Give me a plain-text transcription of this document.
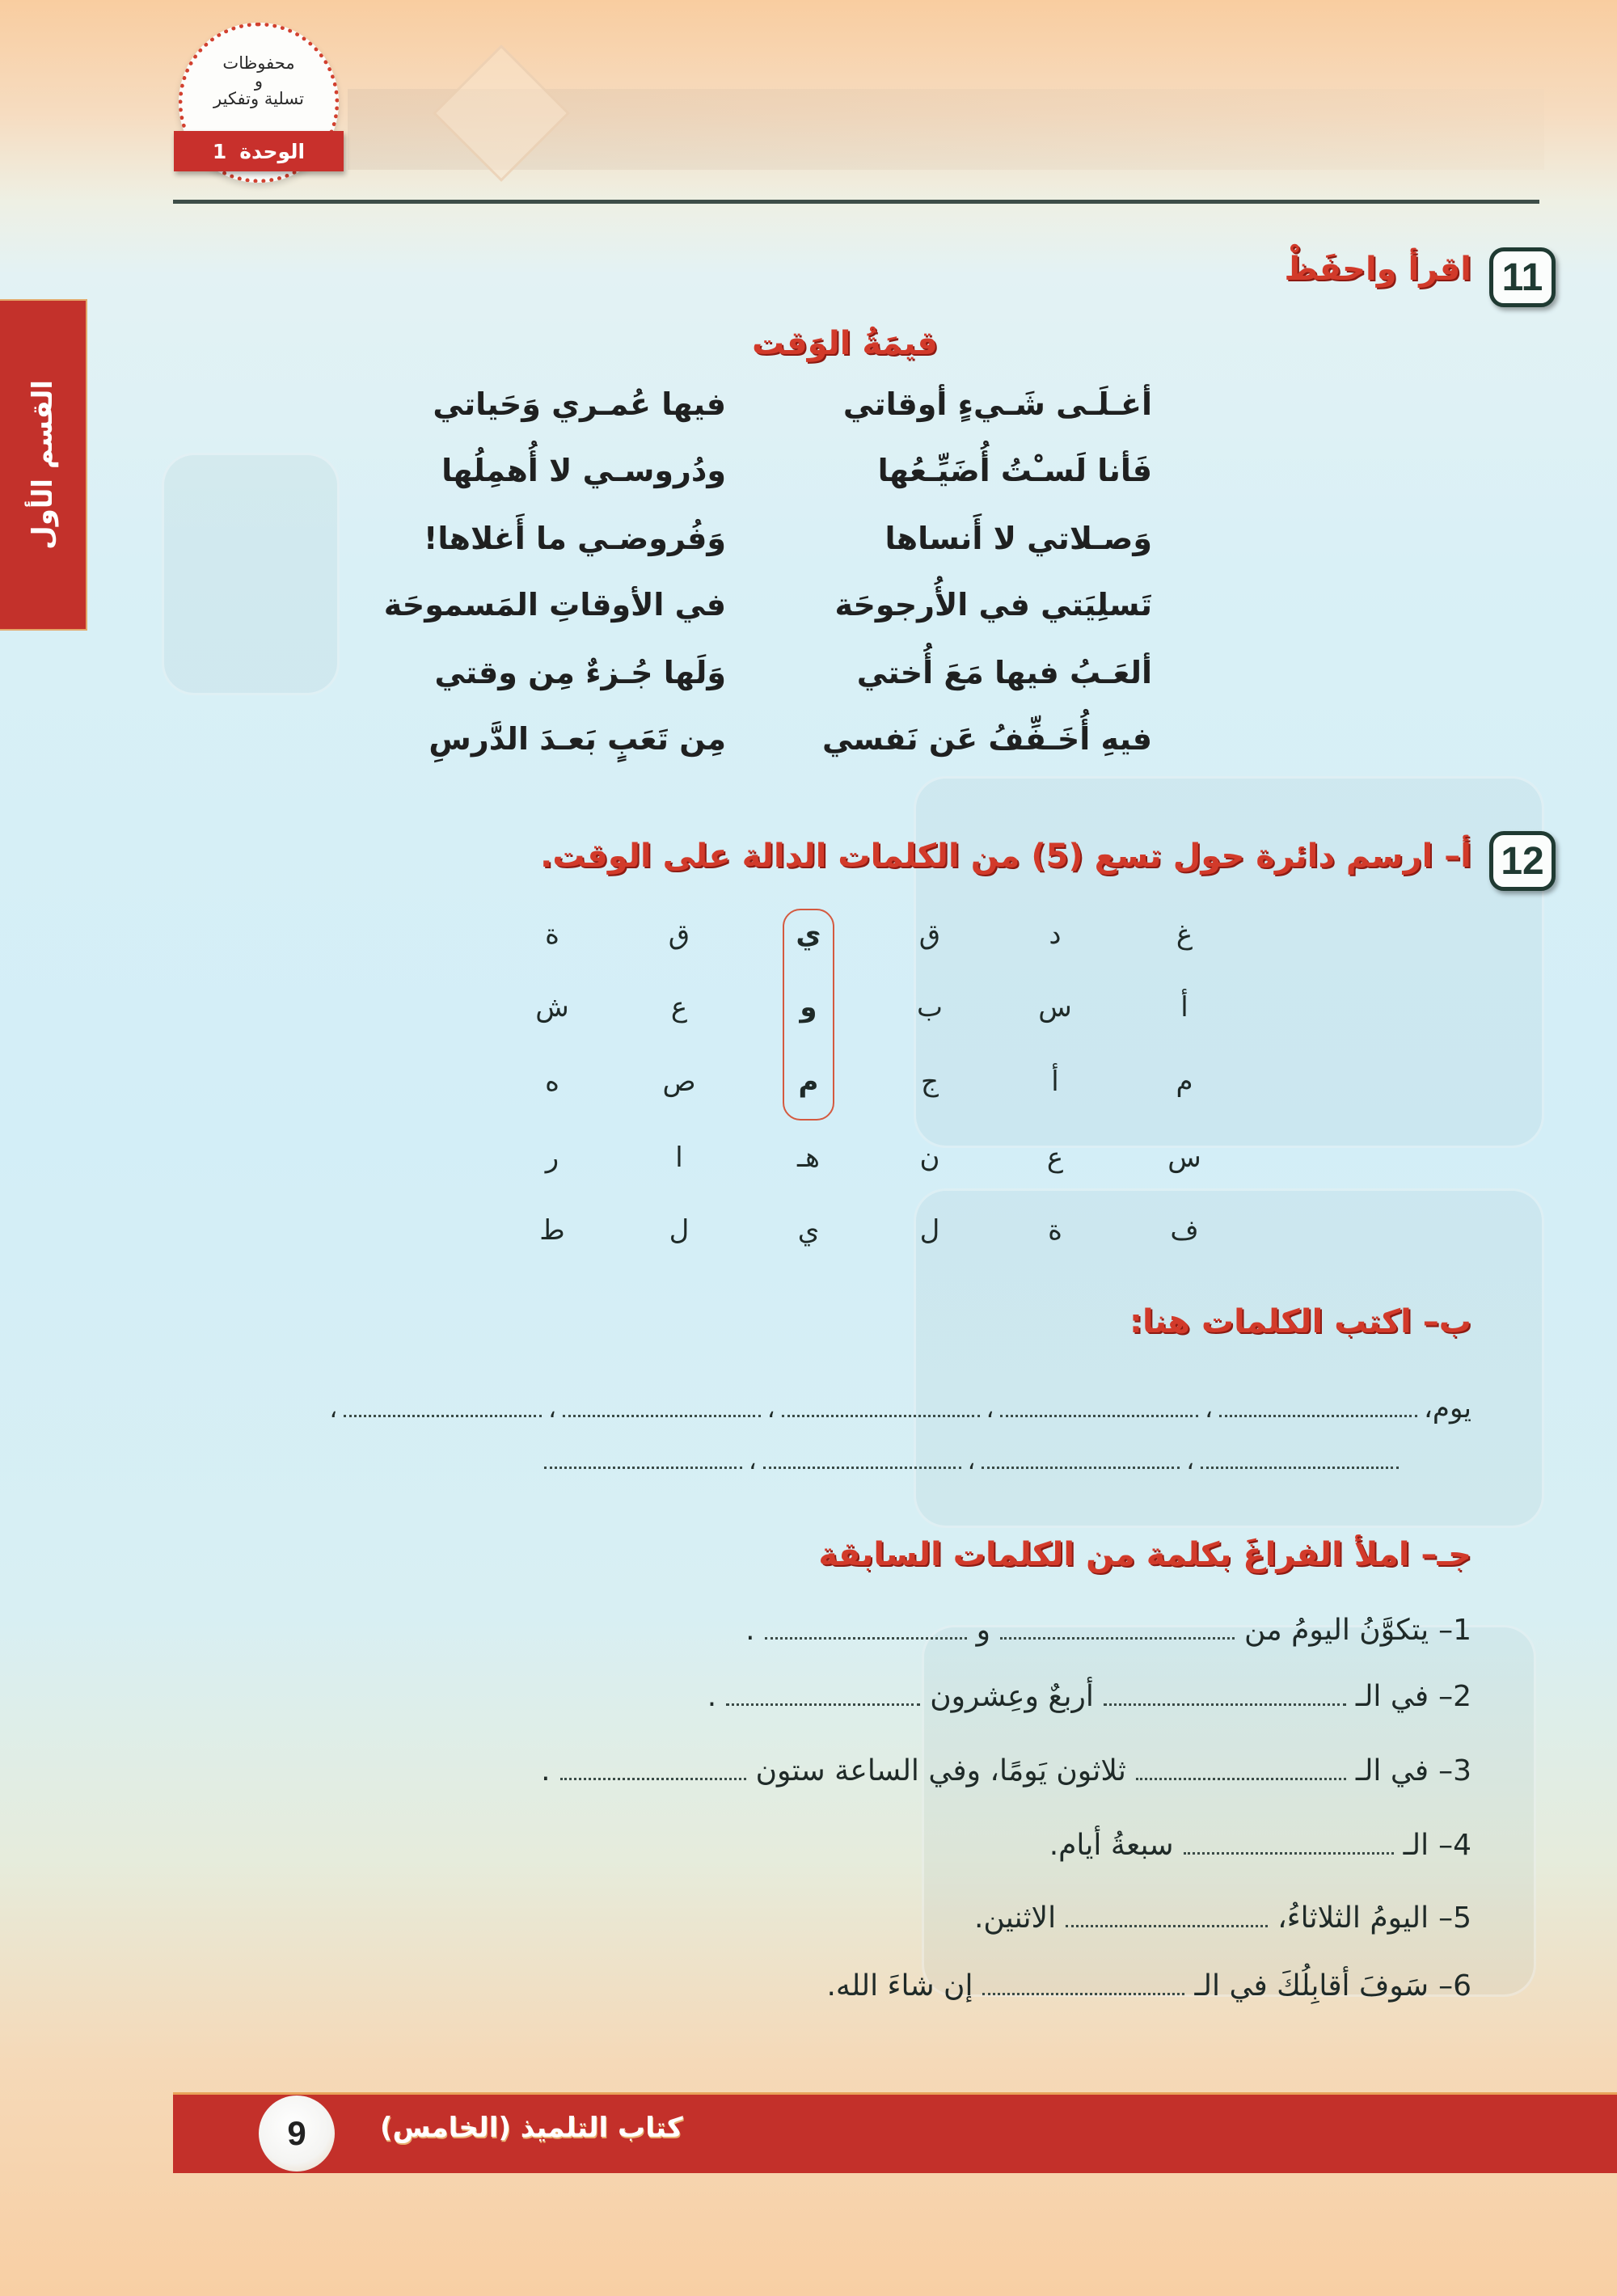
محفوظات
و
تسلية وتفكير
الوحدة
1
القسم الأول
11
اقرأ واحفَظْ
قيمَةُ الوَقت
أغـلَـى شَـيءٍ أوقاتي
فيها عُمـري وَحَياتي
فَأنا لَسـْتُ أُضَيِّـعُها
ودُروسـي لا أُهمِلُها
وَصـلاتي لا أَنساها
وَفُروضـي ما أَغلاها!
تَسلِيَتي في الأُرجوحَة
في الأوقاتِ المَسموحَة
ألعَـبُ فيها مَعَ أُختي
وَلَها جُـزءٌ مِن وقتي
فيهِ أُخَـفِّفُ عَن نَفسي
مِن تَعَبٍ بَعـدَ الدَّرسِ
12
أ– ارسم دائرة حول تسع (5) من الكلمات الدالة على الوقت.
غ
د
ق
ي
ق
ة
أ
س
ب
و
ع
ش
م
أ
ج
م
ص
ه
س
ع
ن
هـ
ا
ر
ف
ة
ل
ي
ل
ط
ب– اكتب الكلمات هنا:
يوم،
،
،
،
،
،
،
،
،
جـ– املأ الفراغَ بكلمة من الكلمات السابقة
1–
يتكوَّنُ اليومُ من
و
.
2–
في الـ
أربعٌ وعِشرون
.
3–
في الـ
ثلاثون يَومًا، وفي الساعة ستون
.
4–
الـ
سبعةُ أيام.
5–
اليومُ الثلاثاءُ،
الاثنين.
6–
سَوفَ أقابِلُكَ في الـ
إن شاءَ الله.
9	كتاب التلميذ (الخامس)
